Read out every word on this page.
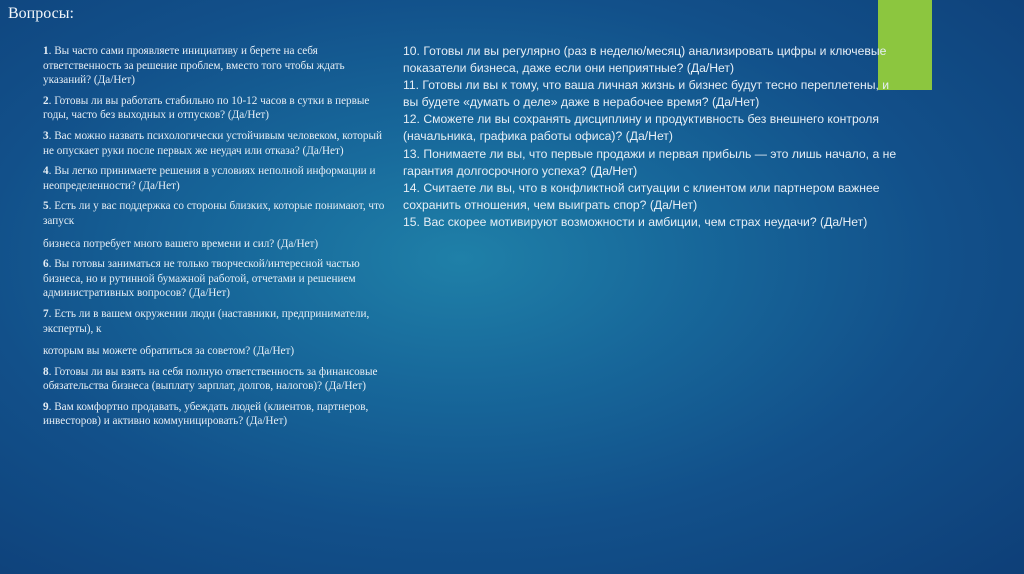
Вопросы:

1. Вы часто сами проявляете инициативу и берете на себя ответственность за решение проблем, вместо того чтобы ждать указаний? (Да/Нет)

2. Готовы ли вы работать стабильно по 10-12 часов в сутки в первые годы, часто без выходных и отпусков? (Да/Нет)

3. Вас можно назвать психологически устойчивым человеком, который не опускает руки после первых же неудач или отказа? (Да/Нет)

4. Вы легко принимаете решения в условиях неполной информации и неопределенности? (Да/Нет)

5. Есть ли у вас поддержка со стороны близких, которые понимают, что запуск

бизнеса потребует много вашего времени и сил? (Да/Нет)

6. Вы готовы заниматься не только творческой/интересной частью бизнеса, но и рутинной бумажной работой, отчетами и решением административных вопросов? (Да/Нет)

7. Есть ли в вашем окружении люди (наставники, предприниматели, эксперты), к

которым вы можете обратиться за советом? (Да/Нет)

8. Готовы ли вы взять на себя полную ответственность за финансовые обязательства бизнеса (выплату зарплат, долгов, налогов)? (Да/Нет)

9. Вам комфортно продавать, убеждать людей (клиентов, партнеров, инвесторов) и активно коммуницировать? (Да/Нет)

10. Готовы ли вы регулярно (раз в неделю/месяц) анализировать цифры и ключевые показатели бизнеса, даже если они неприятные? (Да/Нет)

11. Готовы ли вы к тому, что ваша личная жизнь и бизнес будут тесно переплетены, и вы будете «думать о деле» даже в нерабочее время? (Да/Нет)

12. Сможете ли вы сохранять дисциплину и продуктивность без внешнего контроля (начальника, графика работы офиса)? (Да/Нет)

13. Понимаете ли вы, что первые продажи и первая прибыль — это лишь начало, а не гарантия долгосрочного успеха? (Да/Нет)

14. Считаете ли вы, что в конфликтной ситуации с клиентом или партнером важнее сохранить отношения, чем выиграть спор? (Да/Нет)

15. Вас скорее мотивируют возможности и амбиции, чем страх неудачи? (Да/Нет)
